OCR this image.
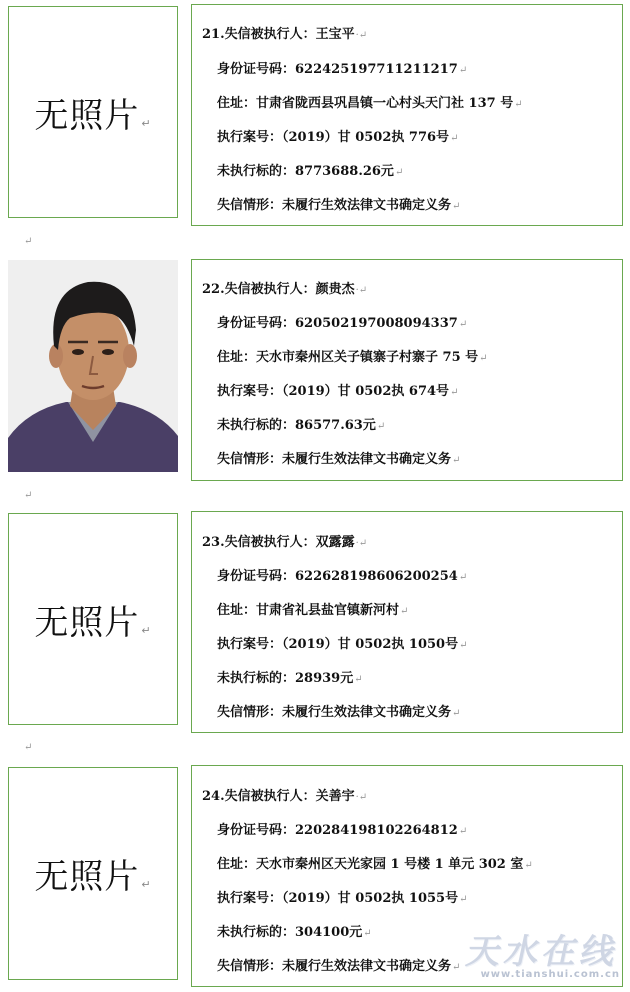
无照片 ↵
21.失信被执行人：王宝平·↵
身份证号码：622425197711211217↵
住址：甘肃省陇西县巩昌镇一心村头天门社 137 号↵
执行案号：（2019）甘 0502执 776号↵
未执行标的：8773688.26元↵
失信情形：未履行生效法律文书确定义务↵
↵
22.失信被执行人：颜贵杰·↵
身份证号码：620502197008094337↵
住址：天水市秦州区关子镇寨子村寨子 75 号↵
执行案号：（2019）甘 0502执 674号↵
未执行标的：86577.63元↵
失信情形：未履行生效法律文书确定义务↵
↵
无照片 ↵
23.失信被执行人：双露露·↵
身份证号码：622628198606200254↵
住址：甘肃省礼县盐官镇新河村↵
执行案号：（2019）甘 0502执 1050号↵
未执行标的：28939元↵
失信情形：未履行生效法律文书确定义务↵
↵
无照片 ↵
24.失信被执行人：关善宇·↵
身份证号码：220284198102264812↵
住址：天水市秦州区天光家园 1 号楼 1 单元 302 室↵
执行案号：（2019）甘 0502执 1055号↵
未执行标的：304100元↵
失信情形：未履行生效法律文书确定义务↵ 天水在线
www.tianshui.com.cn
